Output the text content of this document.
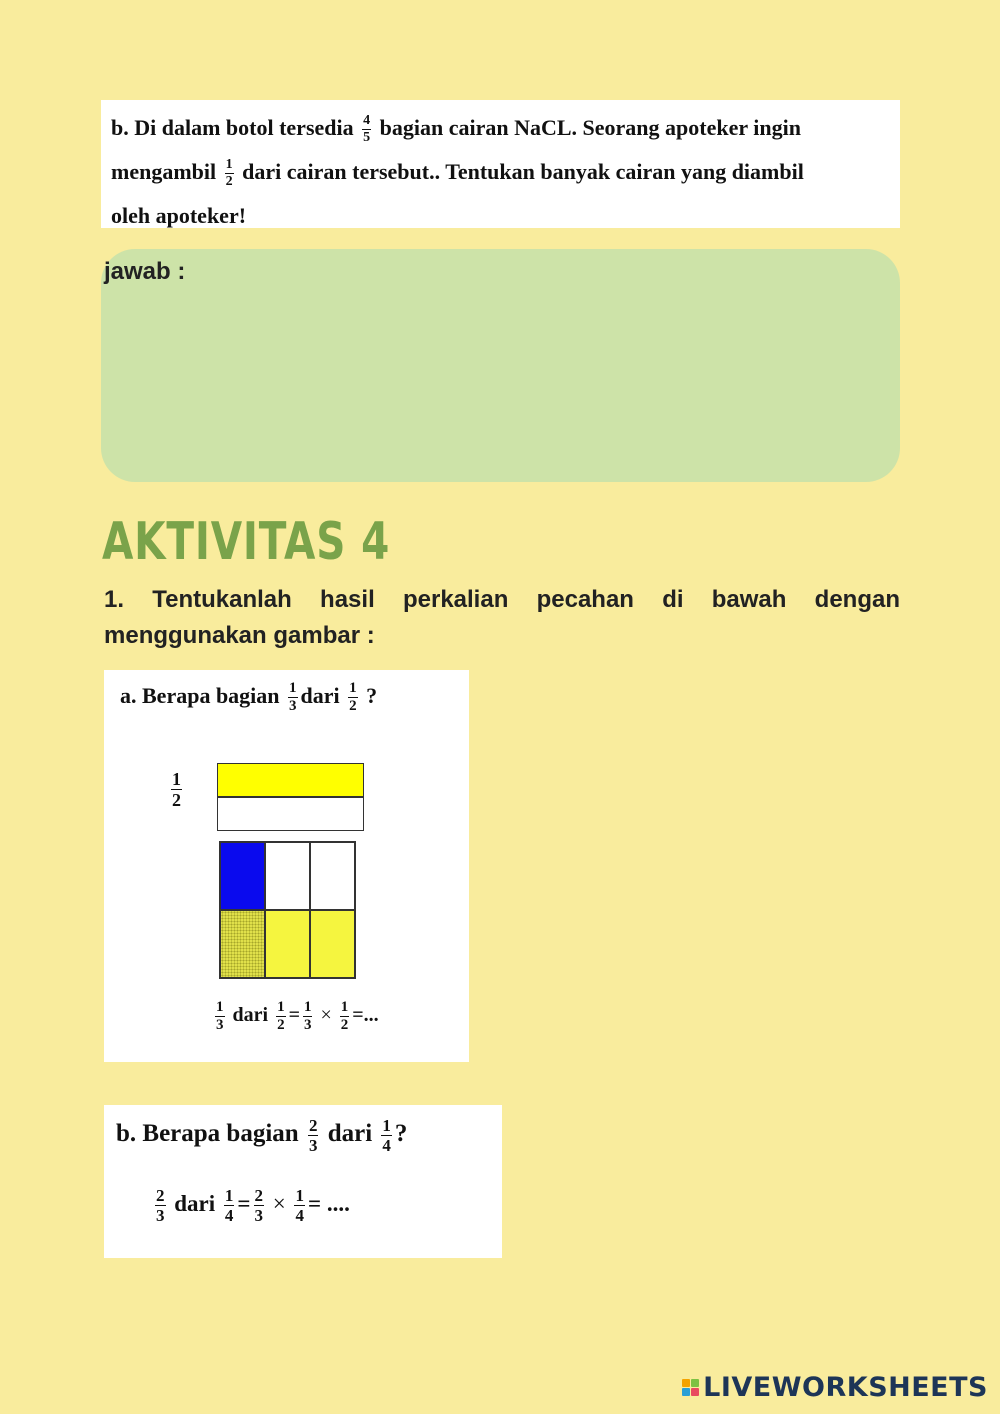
b. Di dalam botol tersedia $\frac{4}{5}$ bagian cairan NaCL. Seorang apoteker ingin
mengambil $\frac{1}{2}$ dari cairan tersebut.. Tentukan banyak cairan yang diambil
oleh apoteker!
jawab :
AKTIVITAS 4
1. Tentukanlah hasil perkalian pecahan di bawah dengan menggunakan gambar :
a. Berapa bagian $\frac{1}{3}$ dari $\frac{1}{2}$ ?
$\frac{1}{2}$
$\frac{1}{3}$ dari $\frac{1}{2} = \frac{1}{3} \times \frac{1}{2}$ =...
b. Berapa bagian $\frac{2}{3}$ dari $\frac{1}{4}$ ?
$\frac{2}{3}$ dari $\frac{1}{4} = \frac{2}{3} \times \frac{1}{4}$ = ....
LIVEWORKSHEETS
